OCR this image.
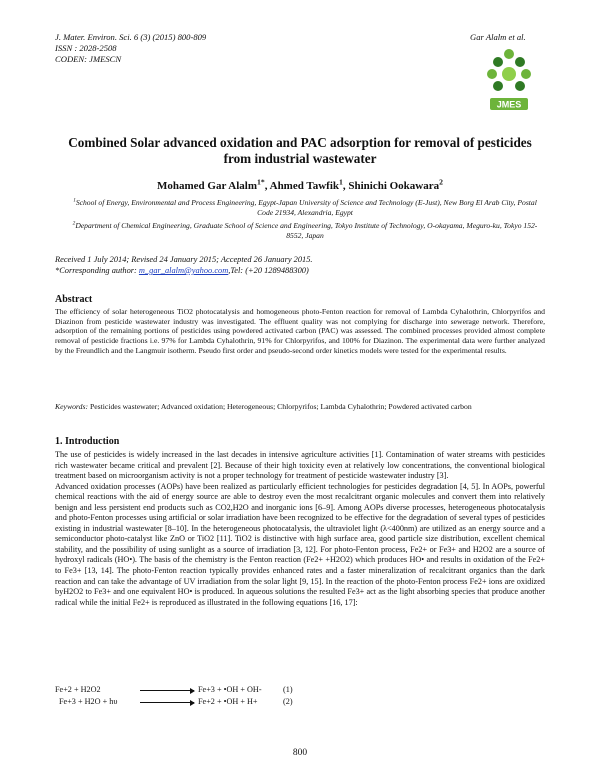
J. Mater. Environ. Sci. 6 (3) (2015) 800-809
ISSN : 2028-2508
CODEN: JMESCN
Gar Alalm et al.
JMES
Combined Solar advanced oxidation and PAC adsorption for removal of pesticides from industrial wastewater
Mohamed Gar Alalm$^{1*}$, Ahmed Tawfik$^1$, Shinichi Ookawara$^2$
$^1$School of Energy, Environmental and Process Engineering, Egypt-Japan University of Science and Technology (E-Just), New Borg El Arab City, Postal Code 21934, Alexandria, Egypt
$^2$Department of Chemical Engineering, Graduate School of Science and Engineering, Tokyo Institute of Technology, O-okayama, Meguro-ku, Tokyo 152-8552, Japan
Received 1 July 2014; Revised 24 January 2015; Accepted 26 January 2015.
*Corresponding author: m_gar_alalm@yahoo.com,Tel: (+20 1289488300)
Abstract
The efficiency of solar heterogeneous TiO2 photocatalysis and homogeneous photo-Fenton reaction for removal of Lambda Cyhalothrin, Chlorpyrifos and Diazinon from pesticide wastewater industry was investigated. The effluent quality was not complying for discharge into sewerage network. Therefore, adsorption of the remaining portions of pesticides using powdered activated carbon (PAC) was assessed. The combined processes provided almost complete removal of pesticide fractions i.e. 97% for Lambda Cyhalothrin, 91% for Chlorpyrifos, and 100% for Diazinon. The experimental data were further analyzed by the Freundlich and the Langmuir isotherm. Pseudo first order and pseudo-second order kinetics models were tested for the experimental results.
Keywords: Pesticides wastewater; Advanced oxidation; Heterogeneous; Chlorpyrifos; Lambda Cyhalothrin; Powdered activated carbon
1. Introduction

The use of pesticides is widely increased in the last decades in intensive agriculture activities [1]. Contamination of water streams with pesticides rich wastewater became critical and prevalent [2]. Because of their high toxicity even at relatively low concentrations, the conventional biological treatment based on microorganism activity is not a proper technology for treatment of pesticide wastewater industry [3].

Advanced oxidation processes (AOPs) have been realized as particularly efficient technologies for pesticides degradation [4, 5]. In AOPs, powerful chemical reactions with the aid of energy source are able to destroy even the most recalcitrant organic molecules and convert them into relatively benign and less persistent end products such as CO2,H2O and inorganic ions [6–9]. Among AOPs diverse processes, heterogeneous photocatalysis and photo-Fenton processes using artificial or solar irradiation have been recognized to be effective for the degradation of several types of pesticides existing in industrial wastewater [8–10]. In the heterogeneous photocatalysis, the ultraviolet light (λ<400nm) are utilized as an energy source and a semiconductor photo-catalyst like ZnO or TiO2 [11]. TiO2 is distinctive with high surface area, good particle size distribution, excellent chemical stability, and the possibility of using sunlight as a source of irradiation [3, 12]. For photo-Fenton process, Fe2+ or Fe3+ and H2O2 are a source of hydroxyl radicals (HO•). The basis of the chemistry is the Fenton reaction (Fe2+ +H2O2) which produces HO• and results in oxidation of the Fe2+ to Fe3+ [13, 14]. The photo-Fenton reaction typically provides enhanced rates and a faster mineralization of recalcitrant organics than the dark reaction and can take the advantage of UV irradiation from the solar light [9, 15]. In the reaction of the photo-Fenton process Fe2+ ions are oxidized byH2O2 to Fe3+ and one equivalent HO• is produced. In aqueous solutions the resulted Fe3+ act as the light absorbing species that produce another radical while the initial Fe2+ is reproduced as illustrated in the following equations [16, 17]:

Fe+2 + H2O2	Fe+3 + •OH + OH-	(1)
Fe+3 + H2O + hυ	Fe+2 + •OH + H+	(2)
800
